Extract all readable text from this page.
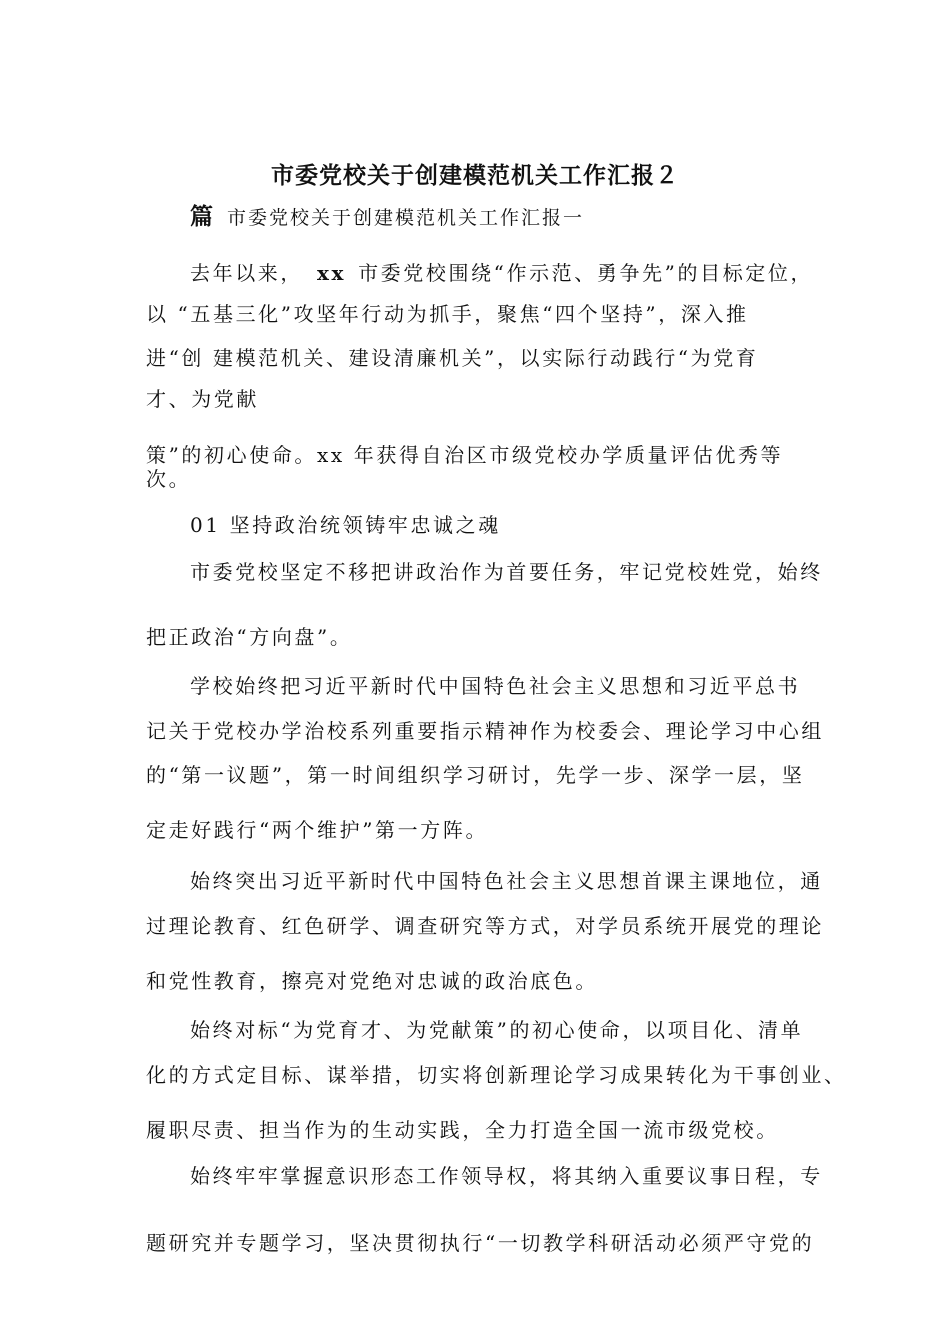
市委党校关于创建模范机关工作汇报２
篇 市委党校关于创建模范机关工作汇报一
去年以来， xx 市委党校围绕“作示范、勇争先”的目标定位，
以 “五基三化”攻坚年行动为抓手，聚焦“四个坚持”，深入推
进“创 建模范机关、建设清廉机关”，以实际行动践行“为党育
才、为党献
策”的初心使命。xx 年获得自治区市级党校办学质量评估优秀等
次。
01 坚持政治统领铸牢忠诚之魂
市委党校坚定不移把讲政治作为首要任务，牢记党校姓党，始终
把正政治“方向盘”。
学校始终把习近平新时代中国特色社会主义思想和习近平总书
记关于党校办学治校系列重要指示精神作为校委会、理论学习中心组
的“第一议题”，第一时间组织学习研讨，先学一步、深学一层，坚
定走好践行“两个维护”第一方阵。
始终突出习近平新时代中国特色社会主义思想首课主课地位，通
过理论教育、红色研学、调查研究等方式，对学员系统开展党的理论
和党性教育，擦亮对党绝对忠诚的政治底色。
始终对标“为党育才、为党献策”的初心使命，以项目化、清单
化的方式定目标、谋举措，切实将创新理论学习成果转化为干事创业、
履职尽责、担当作为的生动实践，全力打造全国一流市级党校。
始终牢牢掌握意识形态工作领导权，将其纳入重要议事日程，专
题研究并专题学习，坚决贯彻执行“一切教学科研活动必须严守党的
